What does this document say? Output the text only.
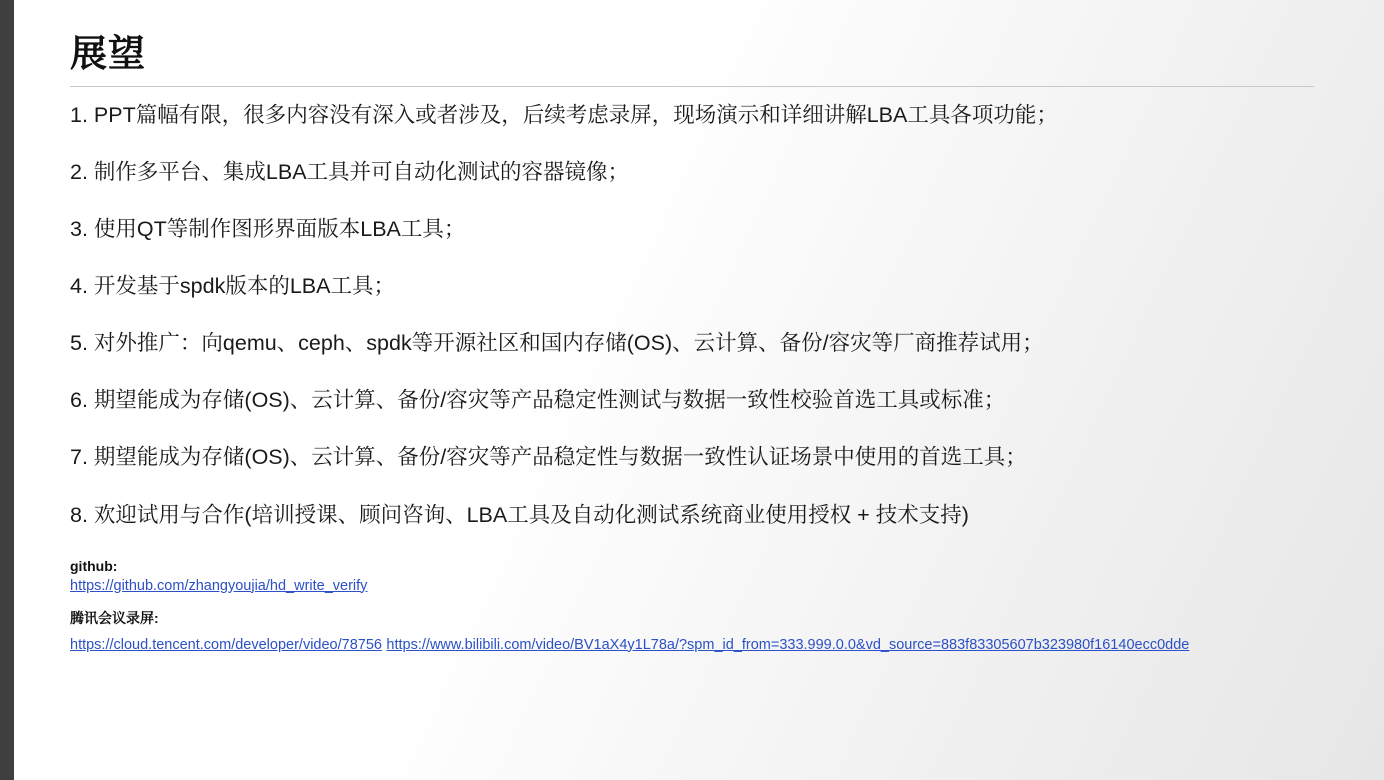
展望
1. PPT篇幅有限，很多内容没有深入或者涉及，后续考虑录屏，现场演示和详细讲解LBA工具各项功能；
2. 制作多平台、集成LBA工具并可自动化测试的容器镜像；
3. 使用QT等制作图形界面版本LBA工具；
4. 开发基于spdk版本的LBA工具；
5. 对外推广：向qemu、ceph、spdk等开源社区和国内存储(OS)、云计算、备份/容灾等厂商推荐试用；
6. 期望能成为存储(OS)、云计算、备份/容灾等产品稳定性测试与数据一致性校验首选工具或标准；
7. 期望能成为存储(OS)、云计算、备份/容灾等产品稳定性与数据一致性认证场景中使用的首选工具；
8. 欢迎试用与合作(培训授课、顾问咨询、LBA工具及自动化测试系统商业使用授权 + 技术支持)
github:
https://github.com/zhangyoujia/hd_write_verify
腾讯会议录屏:
https://cloud.tencent.com/developer/video/78756 https://www.bilibili.com/video/BV1aX4y1L78a/?spm_id_from=333.999.0.0&vd_source=883f83305607b323980f16140ecc0dde
